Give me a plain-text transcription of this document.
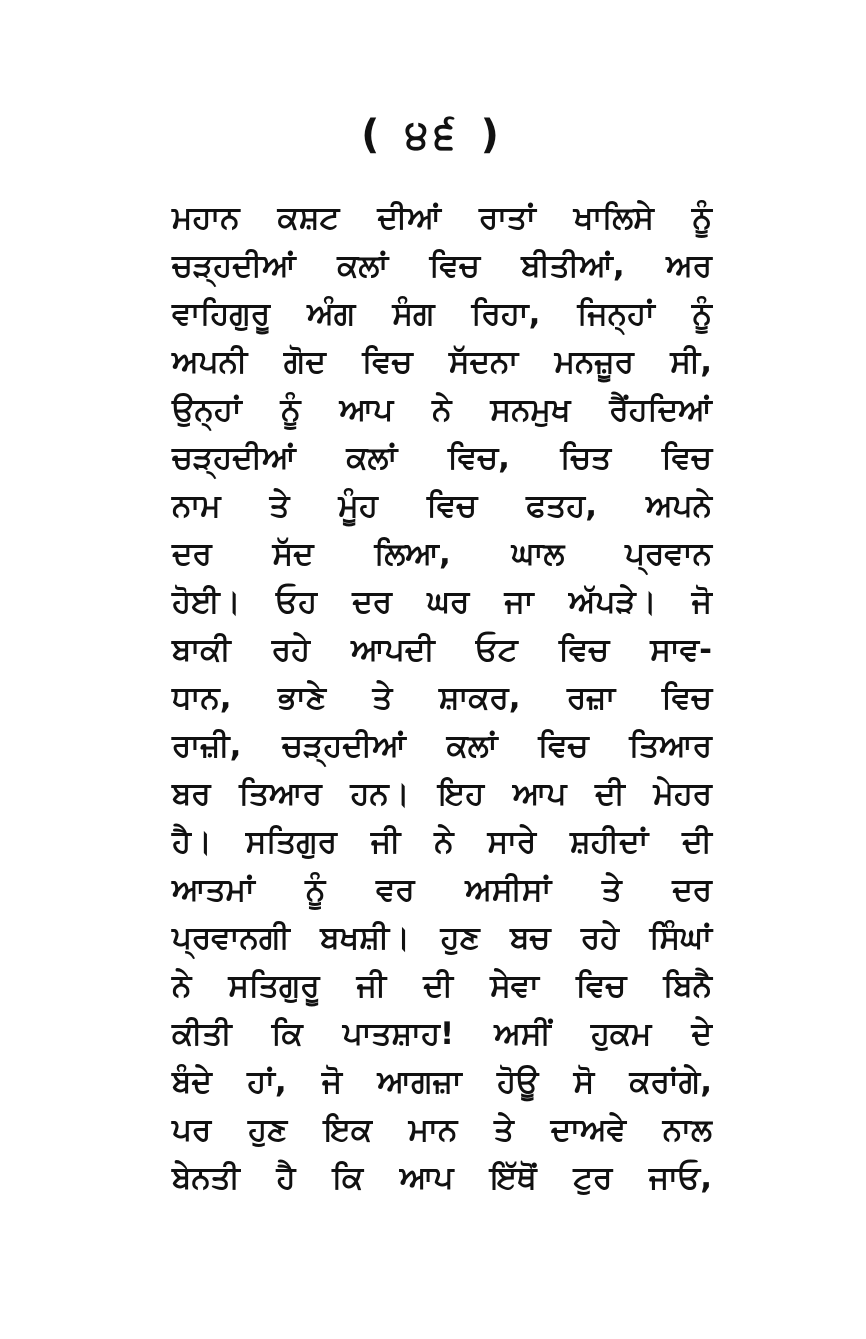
( ੪੬ )
ਮਹਾਨ ਕਸ਼ਟ ਦੀਆਂ ਰਾਤਾਂ ਖਾਲਿਸੇ ਨੂੰ
ਚੜ੍ਹਦੀਆਂ ਕਲਾਂ ਵਿਚ ਬੀਤੀਆਂ, ਅਰ
ਵਾਹਿਗੁਰੂ ਅੰਗ ਸੰਗ ਰਿਹਾ, ਜਿਨ੍ਹਾਂ ਨੂੰ
ਅਪਨੀ ਗੋਦ ਵਿਚ ਸੱਦਨਾ ਮਨਜ਼ੂਰ ਸੀ,
ਉਨ੍ਹਾਂ ਨੂੰ ਆਪ ਨੇ ਸਨਮੁਖ ਰੈਂਹਦਿਆਂ
ਚੜ੍ਹਦੀਆਂ ਕਲਾਂ ਵਿਚ, ਚਿਤ ਵਿਚ
ਨਾਮ ਤੇ ਮੂੰਹ ਵਿਚ ਫਤਹ, ਅਪਨੇ
ਦਰ ਸੱਦ ਲਿਆ, ਘਾਲ ਪ੍ਰਵਾਨ
ਹੋਈ। ਓਹ ਦਰ ਘਰ ਜਾ ਅੱਪੜੇ। ਜੋ
ਬਾਕੀ ਰਹੇ ਆਪਦੀ ਓਟ ਵਿਚ ਸਾਵ-
ਧਾਨ, ਭਾਣੇ ਤੇ ਸ਼ਾਕਰ, ਰਜ਼ਾ ਵਿਚ
ਰਾਜ਼ੀ, ਚੜ੍ਹਦੀਆਂ ਕਲਾਂ ਵਿਚ ਤਿਆਰ
ਬਰ ਤਿਆਰ ਹਨ। ਇਹ ਆਪ ਦੀ ਮੇਹਰ
ਹੈ। ਸਤਿਗੁਰ ਜੀ ਨੇ ਸਾਰੇ ਸ਼ਹੀਦਾਂ ਦੀ
ਆਤਮਾਂ ਨੂੰ ਵਰ ਅਸੀਸਾਂ ਤੇ ਦਰ
ਪ੍ਰਵਾਨਗੀ ਬਖਸ਼ੀ। ਹੁਣ ਬਚ ਰਹੇ ਸਿੰਘਾਂ
ਨੇ ਸਤਿਗੁਰੂ ਜੀ ਦੀ ਸੇਵਾ ਵਿਚ ਬਿਨੈ
ਕੀਤੀ ਕਿ ਪਾਤਸ਼ਾਹ! ਅਸੀਂ ਹੁਕਮ ਦੇ
ਬੰਦੇ ਹਾਂ, ਜੋ ਆਗਜ਼ਾ ਹੋਊ ਸੋ ਕਰਾਂਗੇ,
ਪਰ ਹੁਣ ਇਕ ਮਾਨ ਤੇ ਦਾਅਵੇ ਨਾਲ
ਬੇਨਤੀ ਹੈ ਕਿ ਆਪ ਇੱਥੋਂ ਟੁਰ ਜਾਓ,
